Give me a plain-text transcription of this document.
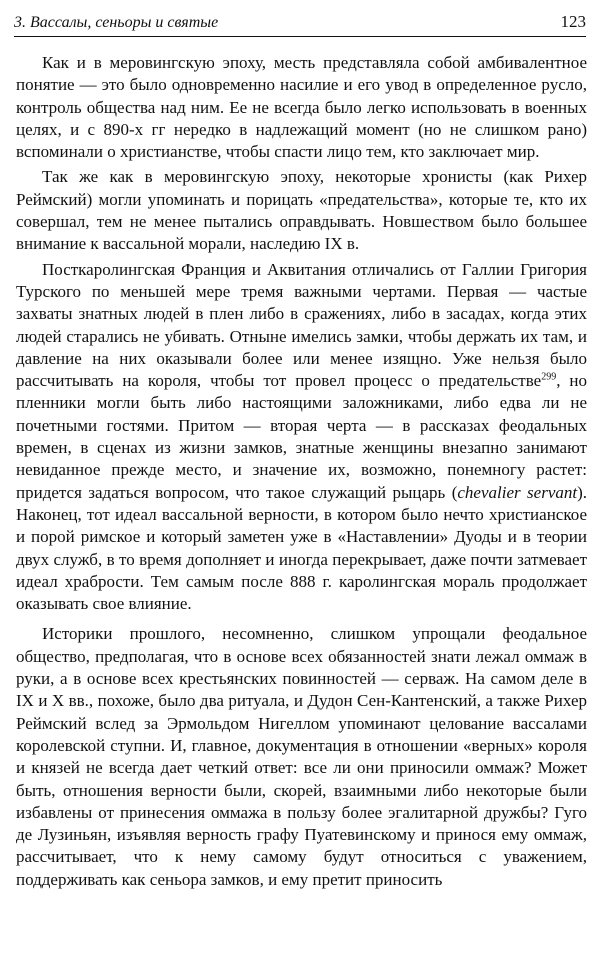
3. Вассалы, сеньоры и святые	123

Как и в меровингскую эпоху, месть представляла собой амбивалентное понятие — это было одновременно насилие и его увод в определенное русло, контроль общества над ним. Ее не всегда было легко использовать в военных целях, и с 890-х гг нередко в надлежащий момент (но не слишком рано) вспоминали о христианстве, чтобы спасти лицо тем, кто заключает мир.

Так же как в меровингскую эпоху, некоторые хронисты (как Рихер Реймский) могли упоминать и порицать «предательства», которые те, кто их совершал, тем не менее пытались оправдывать. Новшеством было большее внимание к вассальной морали, наследию IX в.

Посткаролингская Франция и Аквитания отличались от Галлии Григория Турского по меньшей мере тремя важными чертами. Первая — частые захваты знатных людей в плен либо в сражениях, либо в засадах, когда этих людей старались не убивать. Отныне имелись замки, чтобы держать их там, и давление на них оказывали более или менее изящно. Уже нельзя было рассчитывать на короля, чтобы тот провел процесс о предательстве$^{299}$, но пленники могли быть либо настоящими заложниками, либо едва ли не почетными гостями. Притом — вторая черта — в рассказах феодальных времен, в сценах из жизни замков, знатные женщины внезапно занимают невиданное прежде место, и значение их, возможно, понемногу растет: придется задаться вопросом, что такое служащий рыцарь (chevalier servant). Наконец, тот идеал вассальной верности, в котором было нечто христианское и порой римское и который заметен уже в «Наставлении» Дуоды и в теории двух служб, в то время дополняет и иногда перекрывает, даже почти затмевает идеал храбрости. Тем самым после 888 г. каролингская мораль продолжает оказывать свое влияние.

Историки прошлого, несомненно, слишком упрощали феодальное общество, предполагая, что в основе всех обязанностей знати лежал оммаж в руки, а в основе всех крестьянских повинностей — серваж. На самом деле в IX и X вв., похоже, было два ритуала, и Дудон Сен-Кантенский, а также Рихер Реймский вслед за Эрмольдом Нигеллом упоминают целование вассалами королевской ступни. И, главное, документация в отношении «верных» короля и князей не всегда дает четкий ответ: все ли они приносили оммаж? Может быть, отношения верности были, скорей, взаимными либо некоторые были избавлены от принесения оммажа в пользу более эгалитарной дружбы? Гуго де Лузиньян, изъявляя верность графу Пуатевинскому и принося ему оммаж, рассчитывает, что к нему самому будут относиться с уважением, поддерживать как сеньора замков, и ему претит приносить
